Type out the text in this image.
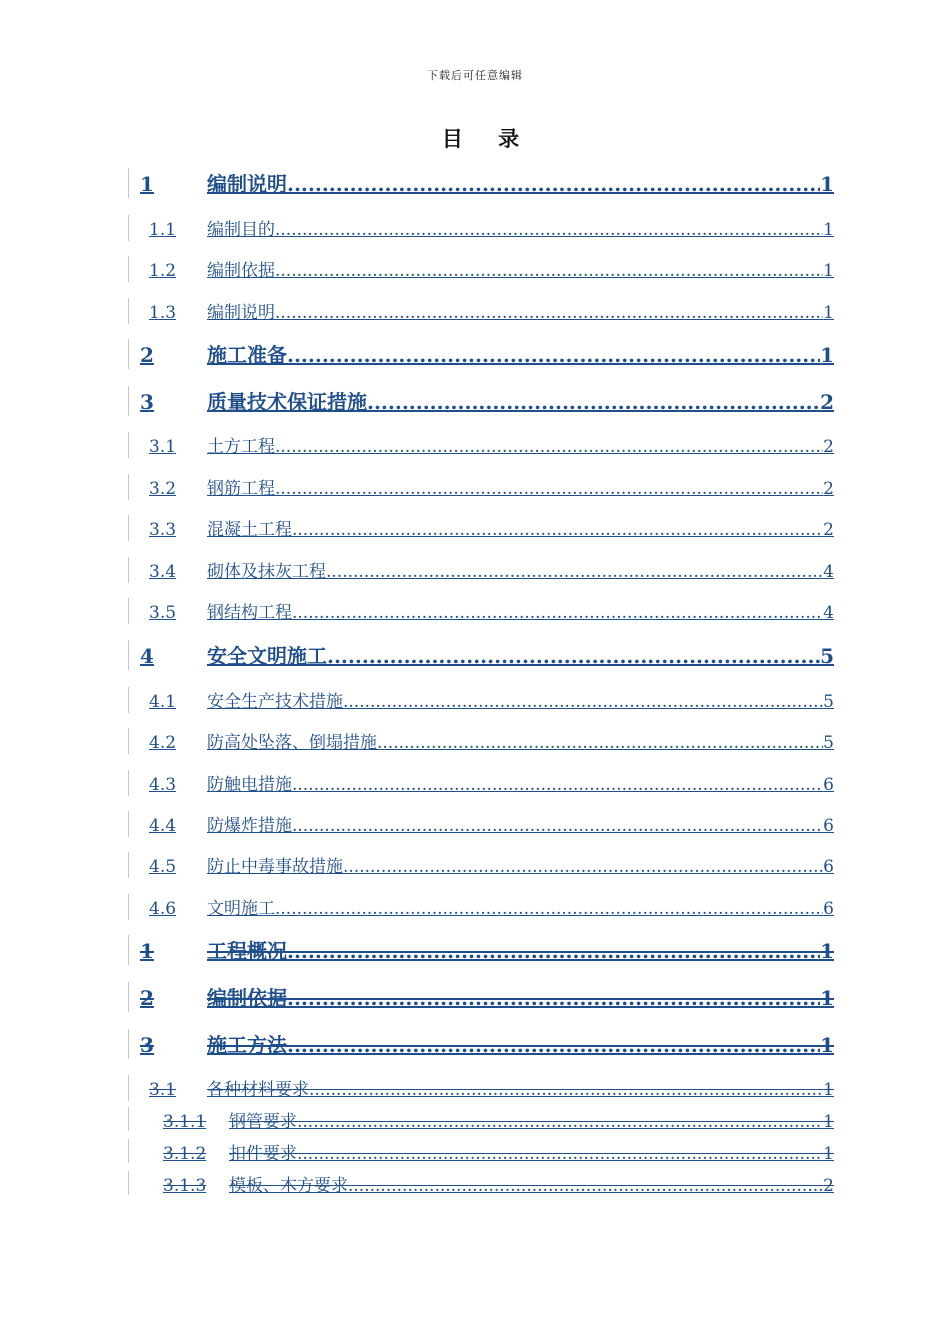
下载后可任意编辑
目 录
1	编制说明 .....	1
1.1	编制目的 .....	1
1.2	编制依据 .....	1
1.3	编制说明 .....	1
2	施工准备 .....	1
3	质量技术保证措施 .....	2
3.1	土方工程 .....	2
3.2	钢筋工程 .....	2
3.3	混凝土工程 .....	2
3.4	砌体及抹灰工程 .....	4
3.5	钢结构工程 .....	4
4	安全文明施工 .....	5
4.1	安全生产技术措施 .....	5
4.2	防高处坠落、倒塌措施 .....	5
4.3	防触电措施 .....	6
4.4	防爆炸措施 .....	6
4.5	防止中毒事故措施 .....	6
4.6	文明施工 .....	6
1	工程概况 .....	1
2	编制依据 .....	1
3	施工方法 .....	1
3.1	各种材料要求 .....	1
3.1.1	钢管要求 .....	1
3.1.2	扣件要求 .....	1
3.1.3	模板、木方要求 .....	2
